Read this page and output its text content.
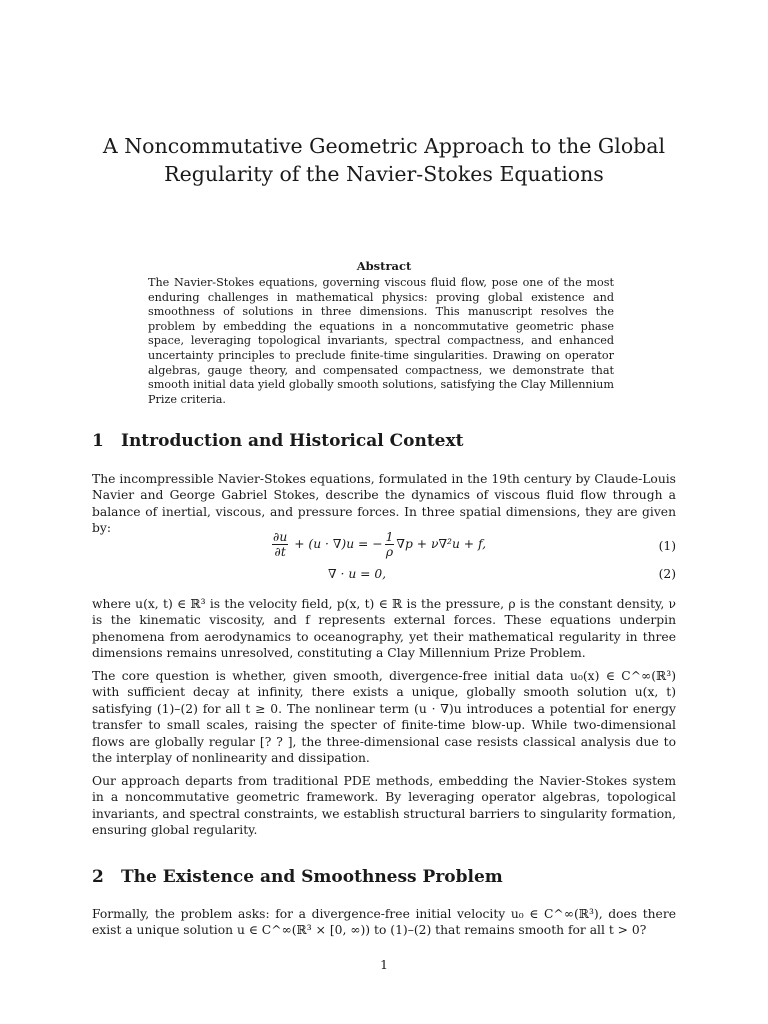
A Noncommutative Geometric Approach to the Global
Regularity of the Navier-Stokes Equations
Abstract
The Navier-Stokes equations, governing viscous fluid flow, pose one of the most enduring challenges in mathematical physics: proving global existence and smoothness of solutions in three dimensions. This manuscript resolves the problem by embedding the equations in a noncommutative geometric phase space, leveraging topological invariants, spectral compactness, and enhanced uncertainty principles to preclude finite-time singularities. Drawing on operator algebras, gauge theory, and compensated compactness, we demonstrate that smooth initial data yield globally smooth solutions, satisfying the Clay Millennium Prize criteria.
1 Introduction and Historical Context

The incompressible Navier-Stokes equations, formulated in the 19th century by Claude-Louis Navier and George Gabriel Stokes, describe the dynamics of viscous fluid flow through a balance of inertial, viscous, and pressure forces. In three spatial dimensions, they are given by:

$\frac{\partial u}{\partial t} + (u \cdot \nabla)u$ = − $\frac{1}{\rho} \nabla p + \nu\nabla^2u + f$,	(1)
∇ · u = 0,	(2)

where u(x, t) ∈ ℝ³ is the velocity field, p(x, t) ∈ ℝ is the pressure, ρ is the constant density, ν is the kinematic viscosity, and f represents external forces. These equations underpin phenomena from aerodynamics to oceanography, yet their mathematical regularity in three dimensions remains unresolved, constituting a Clay Millennium Prize Problem.

The core question is whether, given smooth, divergence-free initial data u₀(x) ∈ C^∞(ℝ³) with sufficient decay at infinity, there exists a unique, globally smooth solution u(x, t) satisfying (1)–(2) for all t ≥ 0. The nonlinear term (u · ∇)u introduces a potential for energy transfer to small scales, raising the specter of finite-time blow-up. While two-dimensional flows are globally regular [? ? ], the three-dimensional case resists classical analysis due to the interplay of nonlinearity and dissipation.

Our approach departs from traditional PDE methods, embedding the Navier-Stokes system in a noncommutative geometric framework. By leveraging operator algebras, topological invariants, and spectral constraints, we establish structural barriers to singularity formation, ensuring global regularity.

2 The Existence and Smoothness Problem

Formally, the problem asks: for a divergence-free initial velocity u₀ ∈ C^∞(ℝ³), does there exist a unique solution u ∈ C^∞(ℝ³ × [0, ∞)) to (1)–(2) that remains smooth for all t > 0?

1
